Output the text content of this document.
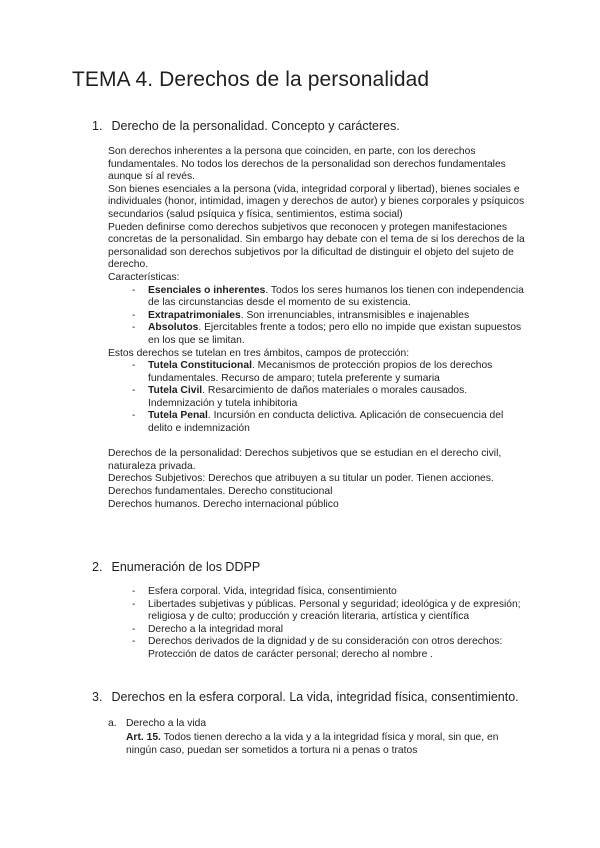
TEMA 4. Derechos de la personalidad
1. Derecho de la personalidad. Concepto y carácteres.

Son derechos inherentes a la persona que coinciden, en parte, con los derechos fundamentales. No todos los derechos de la personalidad son derechos fundamentales aunque sí al revés.

Son bienes esenciales a la persona (vida, integridad corporal y libertad), bienes sociales e individuales (honor, intimidad, imagen y derechos de autor) y bienes corporales y psíquicos secundarios (salud psíquica y física, sentimientos, estima social)

Pueden definirse como derechos subjetivos que reconocen y protegen manifestaciones concretas de la personalidad. Sin embargo hay debate con el tema de si los derechos de la personalidad son derechos subjetivos por la dificultad de distinguir el objeto del sujeto de derecho.

Características:

- Esenciales o inherentes. Todos los seres humanos los tienen con independencia de las circunstancias desde el momento de su existencia.
- Extrapatrimoniales. Son irrenunciables, intransmisibles e inajenables
- Absolutos. Ejercitables frente a todos; pero ello no impide que existan supuestos en los que se limitan.

Estos derechos se tutelan en tres ámbitos, campos de protección:

- Tutela Constitucional. Mecanismos de protección propios de los derechos fundamentales. Recurso de amparo; tutela preferente y sumaria
- Tutela Civil. Resarcimiento de daños materiales o morales causados. Indemnización y tutela inhibitoria
- Tutela Penal. Incursión en conducta delictiva. Aplicación de consecuencia del delito e indemnización

Derechos de la personalidad: Derechos subjetivos que se estudian en el derecho civil, naturaleza privada.

Derechos Subjetivos: Derechos que atribuyen a su titular un poder. Tienen acciones.

Derechos fundamentales. Derecho constitucional

Derechos humanos. Derecho internacional público

2. Enumeración de los DDPP
- Esfera corporal. Vida, integridad física, consentimiento
- Libertades subjetivas y públicas. Personal y seguridad; ideológica y de expresión; religiosa y de culto; producción y creación literaria, artística y científica
- Derecho a la integridad moral
- Derechos derivados de la dignidad y de su consideración con otros derechos: Protección de datos de carácter personal; derecho al nombre .
3. Derechos en la esfera corporal. La vida, integridad física, consentimiento.
a. Derecho a la vida

Art. 15. Todos tienen derecho a la vida y a la integridad física y moral, sin que, en ningún caso, puedan ser sometidos a tortura ni a penas o tratos
